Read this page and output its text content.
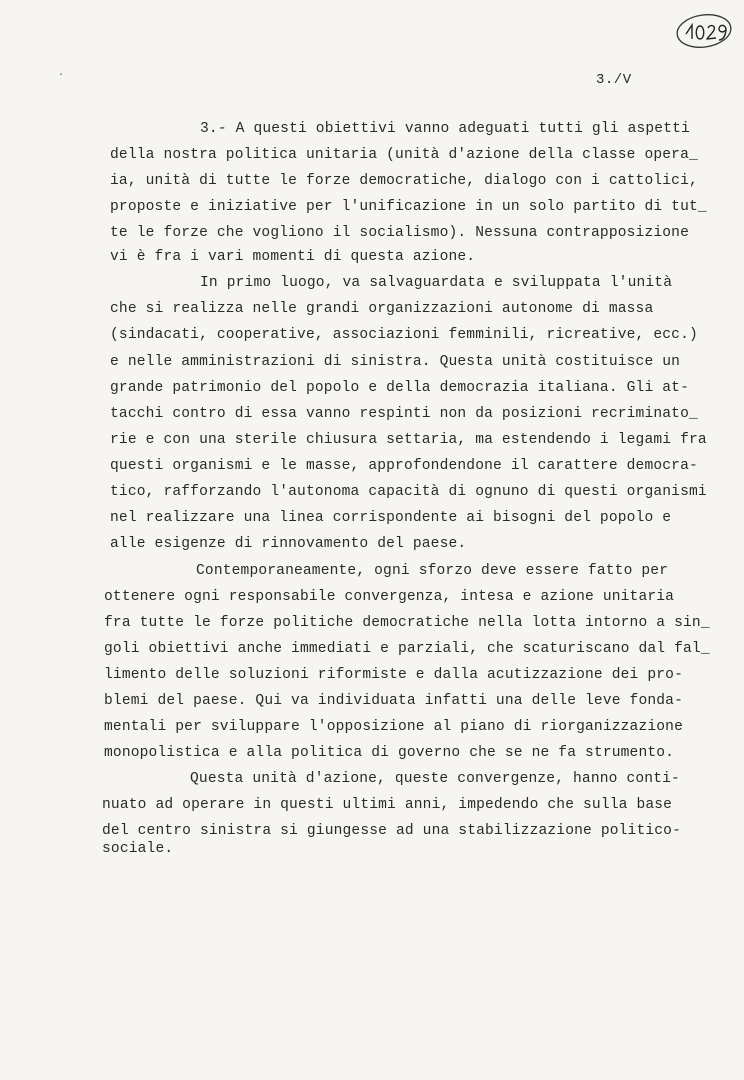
·	3./V
3.- A questi obiettivi vanno adeguati tutti gli aspetti
della nostra politica unitaria (unità d'azione della classe opera_
ia, unità di tutte le forze democratiche, dialogo con i cattolici,
proposte e iniziative per l'unificazione in un solo partito di tut_
te le forze che vogliono il socialismo). Nessuna contrapposizione
vi è fra i vari momenti di questa azione.
In primo luogo, va salvaguardata e sviluppata l'unità
che si realizza nelle grandi organizzazioni autonome di massa
(sindacati, cooperative, associazioni femminili, ricreative, ecc.)
e nelle amministrazioni di sinistra. Questa unità costituisce un
grande patrimonio del popolo e della democrazia italiana. Gli at-
tacchi contro di essa vanno respinti non da posizioni recriminato_
rie e con una sterile chiusura settaria, ma estendendo i legami fra
questi organismi e le masse, approfondendone il carattere democra-
tico, rafforzando l'autonoma capacità di ognuno di questi organismi
nel realizzare una linea corrispondente ai bisogni del popolo e
alle esigenze di rinnovamento del paese.
Contemporaneamente, ogni sforzo deve essere fatto per
ottenere ogni responsabile convergenza, intesa e azione unitaria
fra tutte le forze politiche democratiche nella lotta intorno a sin_
goli obiettivi anche immediati e parziali, che scaturiscano dal fal_
limento delle soluzioni riformiste e dalla acutizzazione dei pro-
blemi del paese. Qui va individuata infatti una delle leve fonda-
mentali per sviluppare l'opposizione al piano di riorganizzazione
monopolistica e alla politica di governo che se ne fa strumento.
Questa unità d'azione, queste convergenze, hanno conti-
nuato ad operare in questi ultimi anni, impedendo che sulla base
del centro sinistra si giungesse ad una stabilizzazione politico-
sociale.
